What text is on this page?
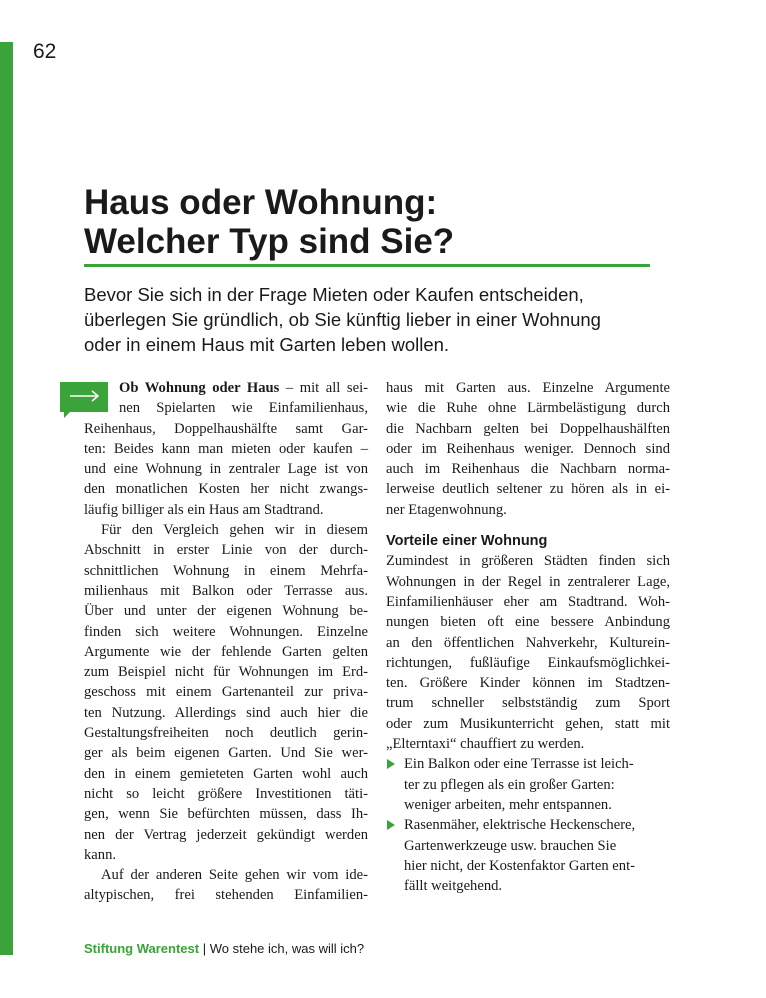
62
Haus oder Wohnung:
Welcher Typ sind Sie?
Bevor Sie sich in der Frage Mieten oder Kaufen entscheiden,
überlegen Sie gründlich, ob Sie künftig lieber in einer Wohnung
oder in einem Haus mit Garten leben wollen.
Ob Wohnung oder Haus – mit all sei-
nen Spielarten wie Einfamilienhaus,
Reihenhaus, Doppelhaushälfte samt Gar-
ten: Beides kann man mieten oder kaufen –
und eine Wohnung in zentraler Lage ist von
den monatlichen Kosten her nicht zwangs-
läufig billiger als ein Haus am Stadtrand.
Für den Vergleich gehen wir in diesem
Abschnitt in erster Linie von der durch-
schnittlichen Wohnung in einem Mehrfa-
milienhaus mit Balkon oder Terrasse aus.
Über und unter der eigenen Wohnung be-
finden sich weitere Wohnungen. Einzelne
Argumente wie der fehlende Garten gelten
zum Beispiel nicht für Wohnungen im Erd-
geschoss mit einem Gartenanteil zur priva-
ten Nutzung. Allerdings sind auch hier die
Gestaltungsfreiheiten noch deutlich gerin-
ger als beim eigenen Garten. Und Sie wer-
den in einem gemieteten Garten wohl auch
nicht so leicht größere Investitionen täti-
gen, wenn Sie befürchten müssen, dass Ih-
nen der Vertrag jederzeit gekündigt werden
kann.
Auf der anderen Seite gehen wir vom ide-
altypischen, frei stehenden Einfamilien-
haus mit Garten aus. Einzelne Argumente
wie die Ruhe ohne Lärmbelästigung durch
die Nachbarn gelten bei Doppelhaushälften
oder im Reihenhaus weniger. Dennoch sind
auch im Reihenhaus die Nachbarn norma-
lerweise deutlich seltener zu hören als in ei-
ner Etagenwohnung.
Vorteile einer Wohnung
Zumindest in größeren Städten finden sich
Wohnungen in der Regel in zentralerer Lage,
Einfamilienhäuser eher am Stadtrand. Woh-
nungen bieten oft eine bessere Anbindung
an den öffentlichen Nahverkehr, Kulturein-
richtungen, fußläufige Einkaufsmöglichkei-
ten. Größere Kinder können im Stadtzen-
trum schneller selbstständig zum Sport
oder zum Musikunterricht gehen, statt mit
„Elterntaxi“ chauffiert zu werden.
Ein Balkon oder eine Terrasse ist leich-
ter zu pflegen als ein großer Garten:
weniger arbeiten, mehr entspannen.
Rasenmäher, elektrische Heckenschere,
Gartenwerkzeuge usw. brauchen Sie
hier nicht, der Kostenfaktor Garten ent-
fällt weitgehend.
Stiftung Warentest | Wo stehe ich, was will ich?
